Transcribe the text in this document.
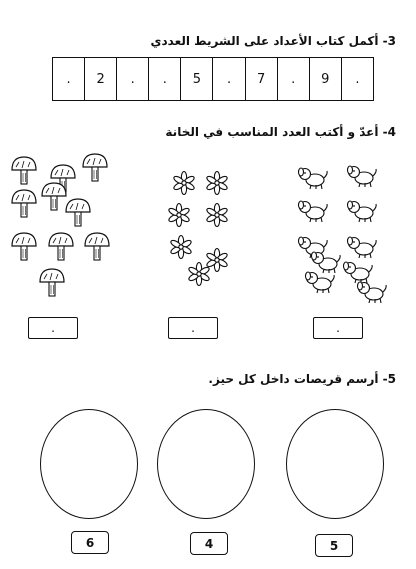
3- أكمل كتاب الأعداد على الشريط العددي
.	2	.	.	5	.	7	.	9	.
4- أعدّ و أكتب العدد المناسب في الخانة
.	.	.
5- أرسم قريصات داخل كل حيز.
6	4	5
